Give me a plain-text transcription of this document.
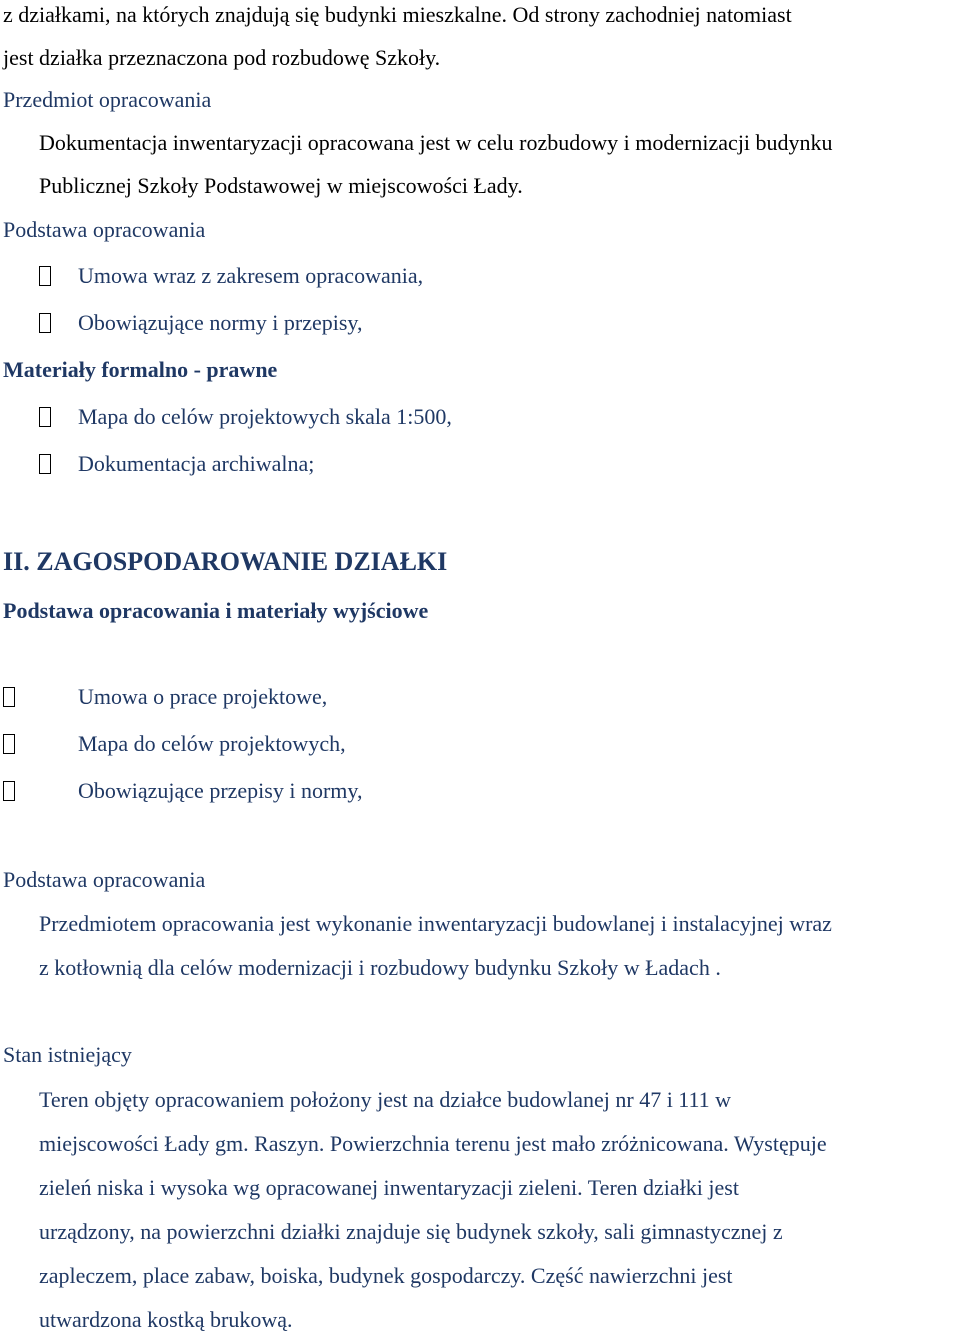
z działkami, na których znajdują się budynki mieszkalne. Od strony zachodniej natomiast

jest działka przeznaczona pod rozbudowę Szkoły.

Przedmiot opracowania

Dokumentacja inwentaryzacji opracowana jest w celu rozbudowy i modernizacji budynku

Publicznej Szkoły Podstawowej w miejscowości Łady.

Podstawa opracowania

Umowa wraz z zakresem opracowania,
Obowiązujące normy i przepisy,

Materiały formalno - prawne

Mapa do celów projektowych skala 1:500,
Dokumentacja archiwalna;

II. ZAGOSPODAROWANIE DZIAŁKI

Podstawa opracowania i materiały wyjściowe

Umowa o prace projektowe,
Mapa do celów projektowych,
Obowiązujące przepisy i normy,

Podstawa opracowania

Przedmiotem opracowania jest wykonanie inwentaryzacji budowlanej i instalacyjnej wraz

z kotłownią dla celów modernizacji i rozbudowy budynku Szkoły w Ładach .

Stan istniejący

Teren objęty opracowaniem położony jest na działce budowlanej nr 47 i 111 w

miejscowości Łady gm. Raszyn. Powierzchnia terenu jest mało zróżnicowana. Występuje

zieleń niska i wysoka wg opracowanej inwentaryzacji zieleni. Teren działki jest

urządzony, na powierzchni działki znajduje się budynek szkoły, sali gimnastycznej z

zapleczem, place zabaw, boiska, budynek gospodarczy. Część nawierzchni jest

utwardzona kostką brukową.
